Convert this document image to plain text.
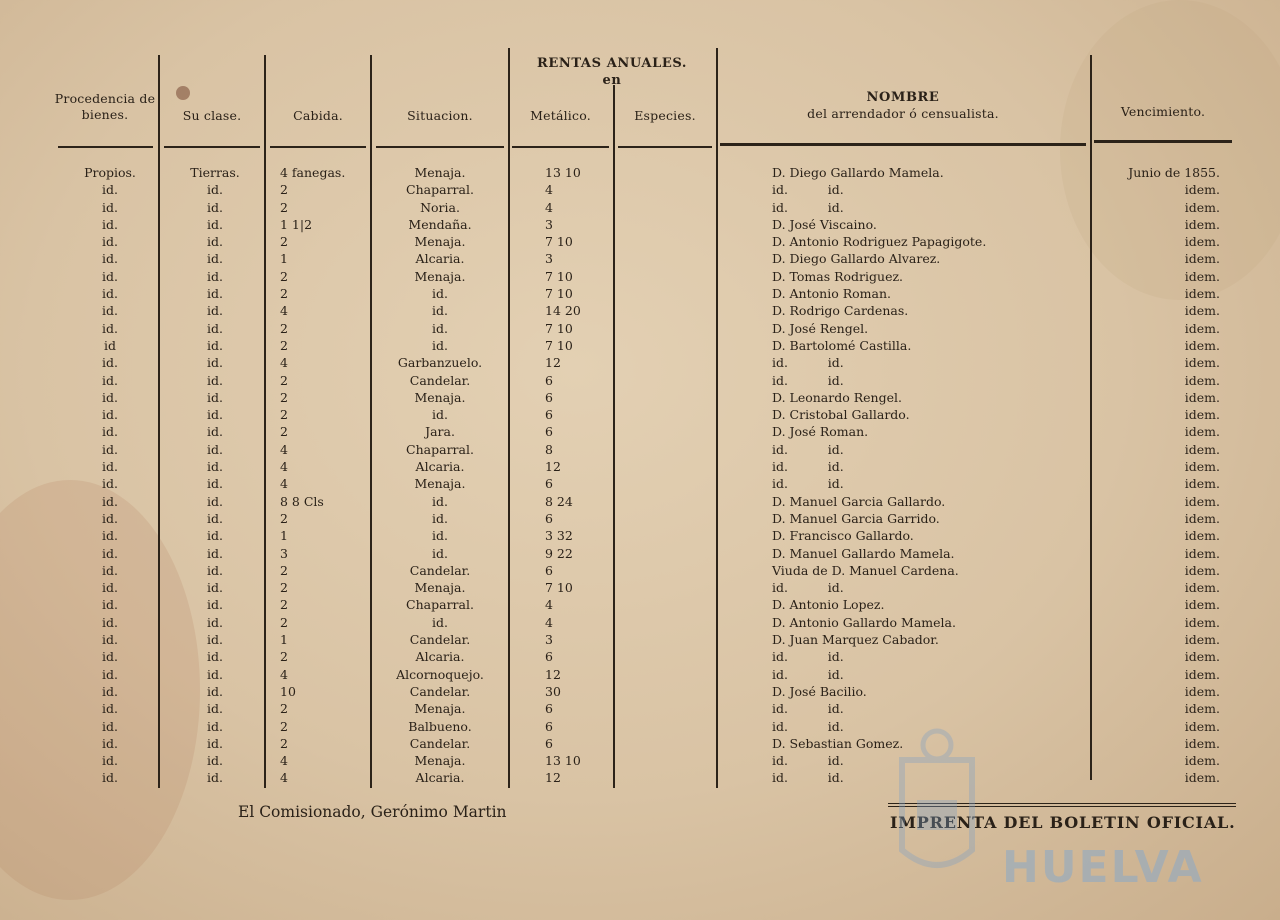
Procedencia de bienes.	Su clase.	Cabida.	Situacion.
RENTAS ANUALES.
en
Metálico.	Especies.
NOMBRE
del arrendador ó censualista.	Vencimiento.
Propios.	Tierras.	4 fanegas.	Menaja.	13 10	D. Diego Gallardo Mamela.	Junio de 1855.
id.	id.	2	Chaparral.	4	id.          id.	idem.
id.	id.	2	Noria.	4	id.          id.	idem.
id.	id.	1 1|2	Mendaña.	3	D. José Viscaino.	idem.
id.	id.	2	Menaja.	7 10	D. Antonio Rodriguez Papagigote.	idem.
id.	id.	1	Alcaria.	3	D. Diego Gallardo Alvarez.	idem.
id.	id.	2	Menaja.	7 10	D. Tomas Rodriguez.	idem.
id.	id.	2	id.	7 10	D. Antonio Roman.	idem.
id.	id.	4	id.	14 20	D. Rodrigo Cardenas.	idem.
id.	id.	2	id.	7 10	D. José Rengel.	idem.
id	id.	2	id.	7 10	D. Bartolomé Castilla.	idem.
id.	id.	4	Garbanzuelo.	12	id.          id.	idem.
id.	id.	2	Candelar.	6	id.          id.	idem.
id.	id.	2	Menaja.	6	D. Leonardo Rengel.	idem.
id.	id.	2	id.	6	D. Cristobal Gallardo.	idem.
id.	id.	2	Jara.	6	D. José Roman.	idem.
id.	id.	4	Chaparral.	8	id.          id.	idem.
id.	id.	4	Alcaria.	12	id.          id.	idem.
id.	id.	4	Menaja.	6	id.          id.	idem.
id.	id.	8 8 Cls	id.	8 24	D. Manuel Garcia Gallardo.	idem.
id.	id.	2	id.	6	D. Manuel Garcia Garrido.	idem.
id.	id.	1	id.	3 32	D. Francisco Gallardo.	idem.
id.	id.	3	id.	9 22	D. Manuel Gallardo Mamela.	idem.
id.	id.	2	Candelar.	6	Viuda de D. Manuel Cardena.	idem.
id.	id.	2	Menaja.	7 10	id.          id.	idem.
id.	id.	2	Chaparral.	4	D. Antonio Lopez.	idem.
id.	id.	2	id.	4	D. Antonio Gallardo Mamela.	idem.
id.	id.	1	Candelar.	3	D. Juan Marquez Cabador.	idem.
id.	id.	2	Alcaria.	6	id.          id.	idem.
id.	id.	4	Alcornoquejo.	12	id.          id.	idem.
id.	id.	10	Candelar.	30	D. José Bacilio.	idem.
id.	id.	2	Menaja.	6	id.          id.	idem.
id.	id.	2	Balbueno.	6	id.          id.	idem.
id.	id.	2	Candelar.	6	D. Sebastian Gomez.	idem.
id.	id.	4	Menaja.	13 10	id.          id.	idem.
id.	id.	4	Alcaria.	12	id.          id.	idem.
El Comisionado, Gerónimo Martin
IMPRENTA DEL BOLETIN OFICIAL.
HUELVA
